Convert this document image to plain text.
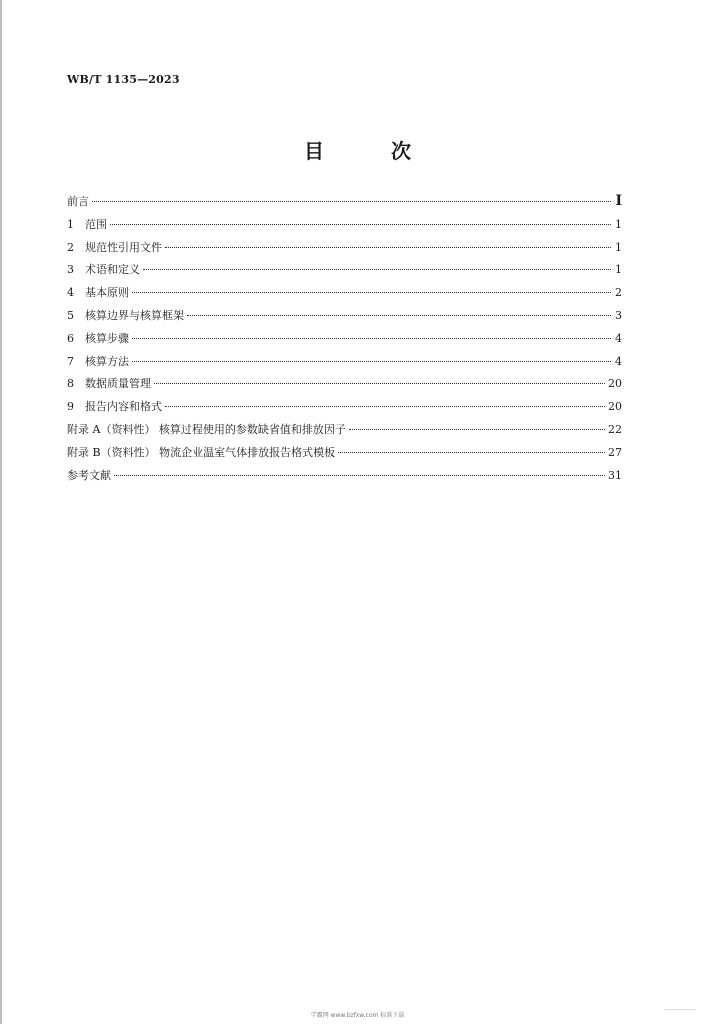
WB/T 1135—2023
目 次
前言	I
1 范围	1
2 规范性引用文件	1
3 术语和定义	1
4 基本原则	2
5 核算边界与核算框架	3
6 核算步骤	4
7 核算方法	4
8 数据质量管理	20
9 报告内容和格式	20
附录 A（资料性） 核算过程使用的参数缺省值和排放因子	22
附录 B（资料性） 物流企业温室气体排放报告格式模板	27
参考文献	31
学霸网 www.bzfxw.com 标准下载
